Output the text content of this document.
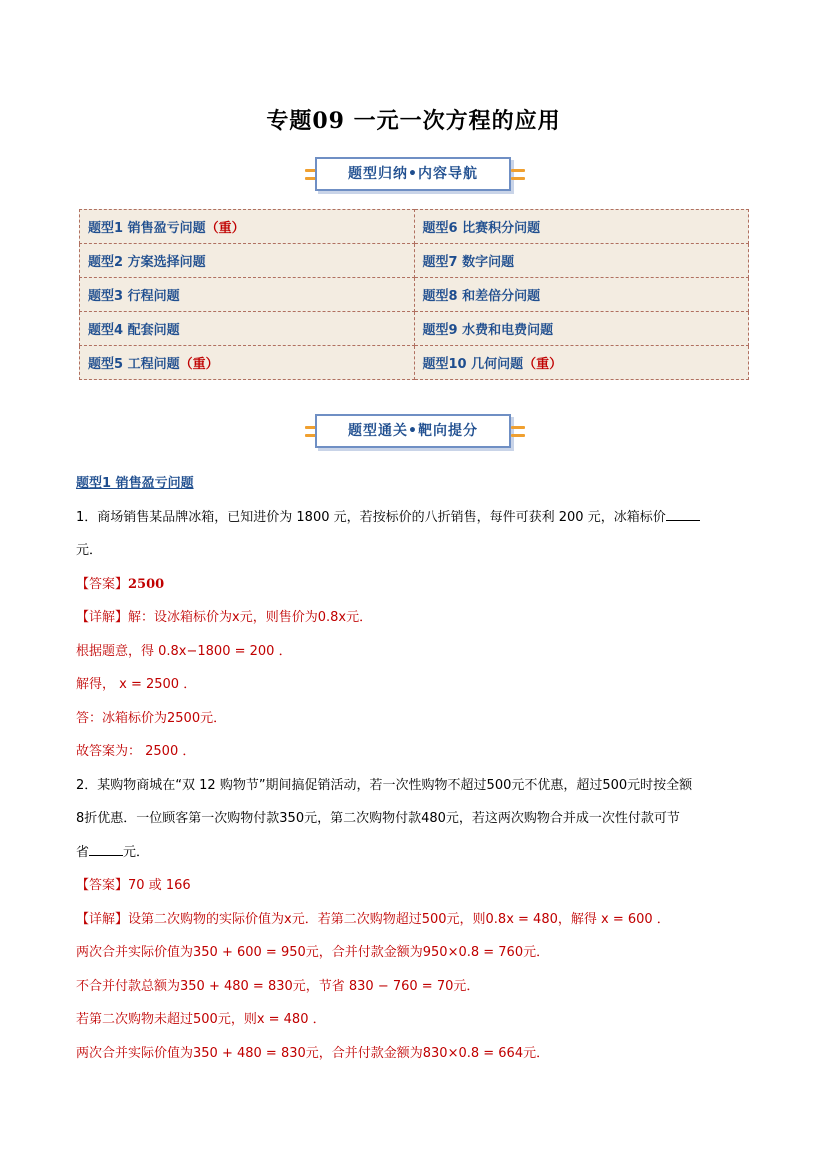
专题09 一元一次方程的应用
题型归纳•内容导航
题型1 销售盈亏问题（重）	题型6 比赛积分问题
题型2 方案选择问题	题型7 数字问题
题型3 行程问题	题型8 和差倍分问题
题型4 配套问题	题型9 水费和电费问题
题型5 工程问题（重）	题型10 几何问题（重）
题型通关•靶向提分
题型1 销售盈亏问题
1．商场销售某品牌冰箱，已知进价为 1800 元，若按标价的八折销售，每件可获利 200 元，冰箱标价
元．
【答案】2500
【详解】解：设冰箱标价为x元，则售价为0.8x元．
根据题意，得 0.8x−1800 = 200 ．
解得， x = 2500 ．
答：冰箱标价为2500元．
故答案为： 2500 ．
2．某购物商城在“双 12 购物节”期间搞促销活动，若一次性购物不超过500元不优惠，超过500元时按全额
8折优惠．一位顾客第一次购物付款350元，第二次购物付款480元，若这两次购物合并成一次性付款可节
省	元．
【答案】70 或 166
【详解】设第二次购物的实际价值为x元．若第二次购物超过500元，则0.8x = 480，解得 x = 600 ．
两次合并实际价值为350 + 600 = 950元，合并付款金额为950×0.8 = 760元．
不合并付款总额为350 + 480 = 830元，节省 830 − 760 = 70元．
若第二次购物未超过500元，则x = 480 ．
两次合并实际价值为350 + 480 = 830元，合并付款金额为830×0.8 = 664元．
